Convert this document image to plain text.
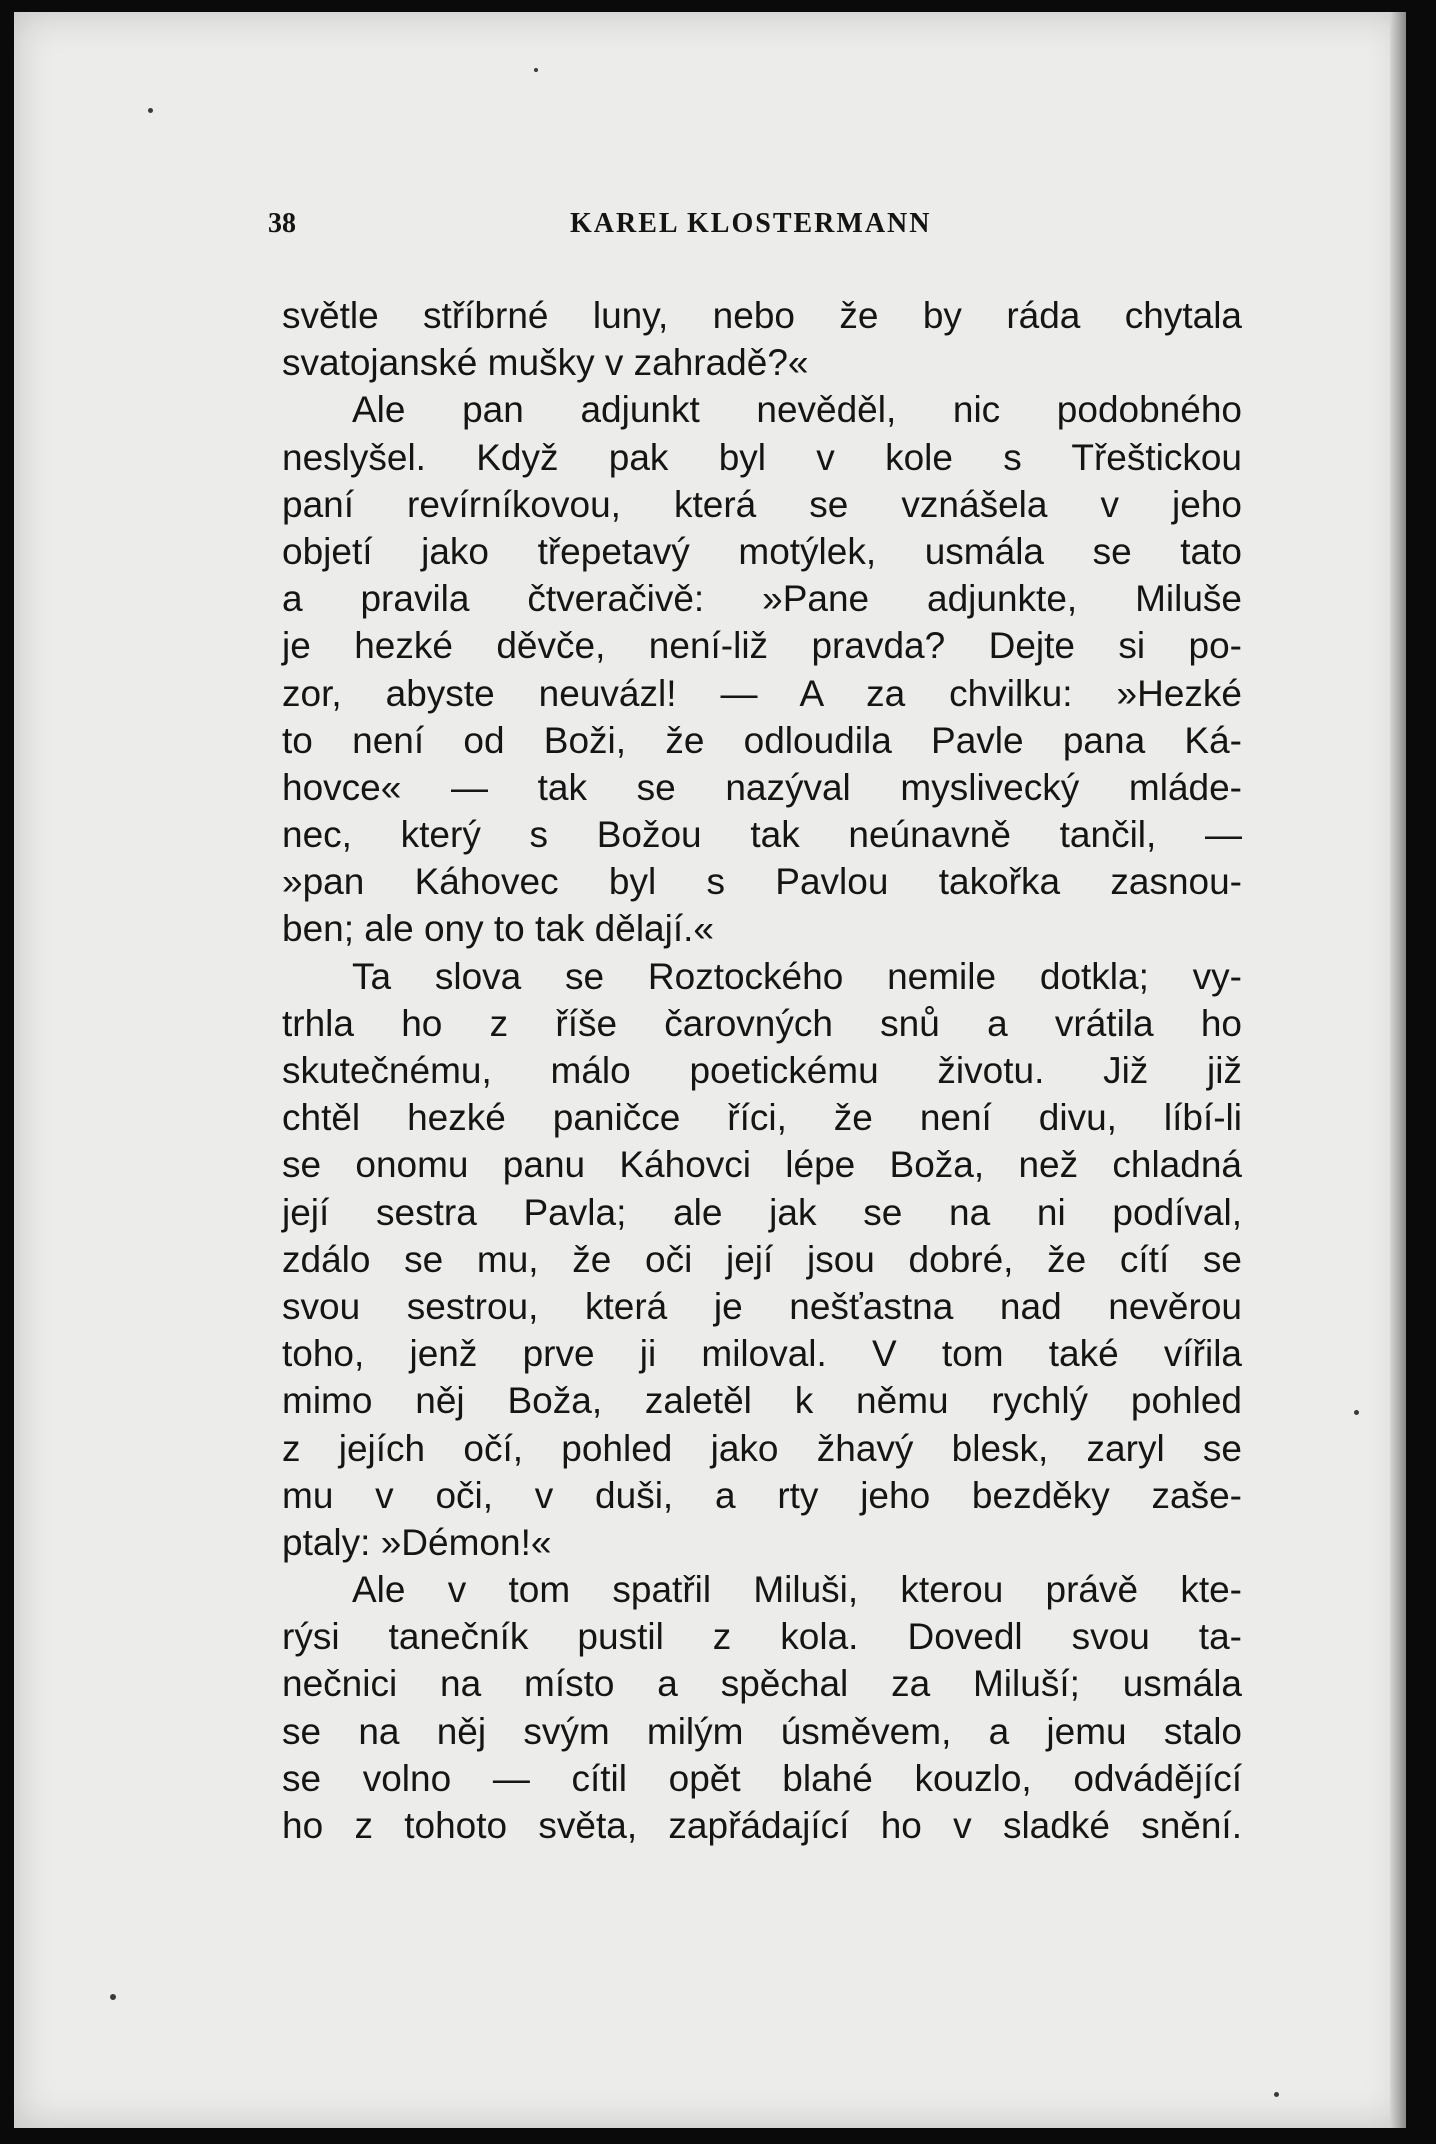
38	KAREL KLOSTERMANN
světle stříbrné luny, nebo že by ráda chytala
svatojanské mušky v zahradě?«
Ale pan adjunkt nevěděl, nic podobného
neslyšel. Když pak byl v kole s Třeštickou
paní revírníkovou, která se vznášela v jeho
objetí jako třepetavý motýlek, usmála se tato
a pravila čtveračivě: »Pane adjunkte, Miluše
je hezké děvče, není-liž pravda? Dejte si po-
zor, abyste neuvázl! — A za chvilku: »Hezké
to není od Boži, že odloudila Pavle pana Ká-
hovce« — tak se nazýval myslivecký mláde-
nec, který s Božou tak neúnavně tančil, —
»pan Káhovec byl s Pavlou takořka zasnou-
ben; ale ony to tak dělají.«
Ta slova se Roztockého nemile dotkla; vy-
trhla ho z říše čarovných snů a vrátila ho
skutečnému, málo poetickému životu. Již již
chtěl hezké paničce říci, že není divu, líbí-li
se onomu panu Káhovci lépe Boža, než chladná
její sestra Pavla; ale jak se na ni podíval,
zdálo se mu, že oči její jsou dobré, že cítí se
svou sestrou, která je nešťastna nad nevěrou
toho, jenž prve ji miloval. V tom také vířila
mimo něj Boža, zaletěl k němu rychlý pohled
z jejích očí, pohled jako žhavý blesk, zaryl se
mu v oči, v duši, a rty jeho bezděky zaše-
ptaly: »Démon!«
Ale v tom spatřil Miluši, kterou právě kte-
rýsi tanečník pustil z kola. Dovedl svou ta-
nečnici na místo a spěchal za Miluší; usmála
se na něj svým milým úsměvem, a jemu stalo
se volno — cítil opět blahé kouzlo, odvádějící
ho z tohoto světa, zapřádající ho v sladké snění.
